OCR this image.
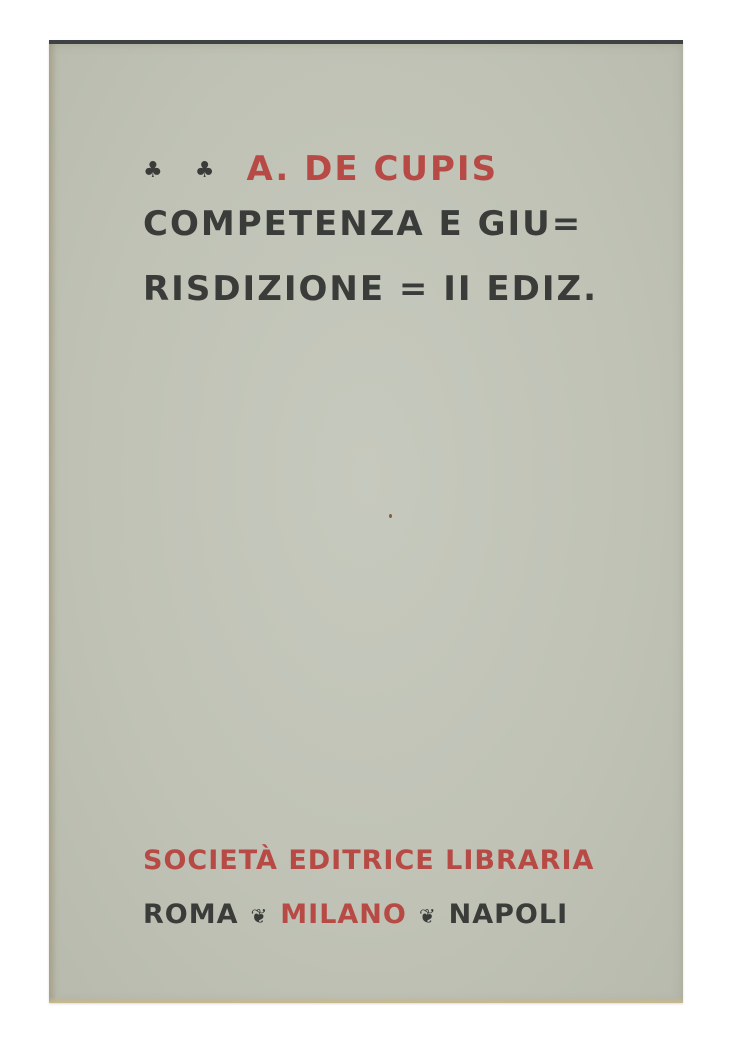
♣ ♣ A. DE CUPIS

COMPETENZA E GIU=

RISDIZIONE = II EDIZ.

SOCIETÀ EDITRICE LIBRARIA

ROMA ❦ MILANO ❦ NAPOLI
